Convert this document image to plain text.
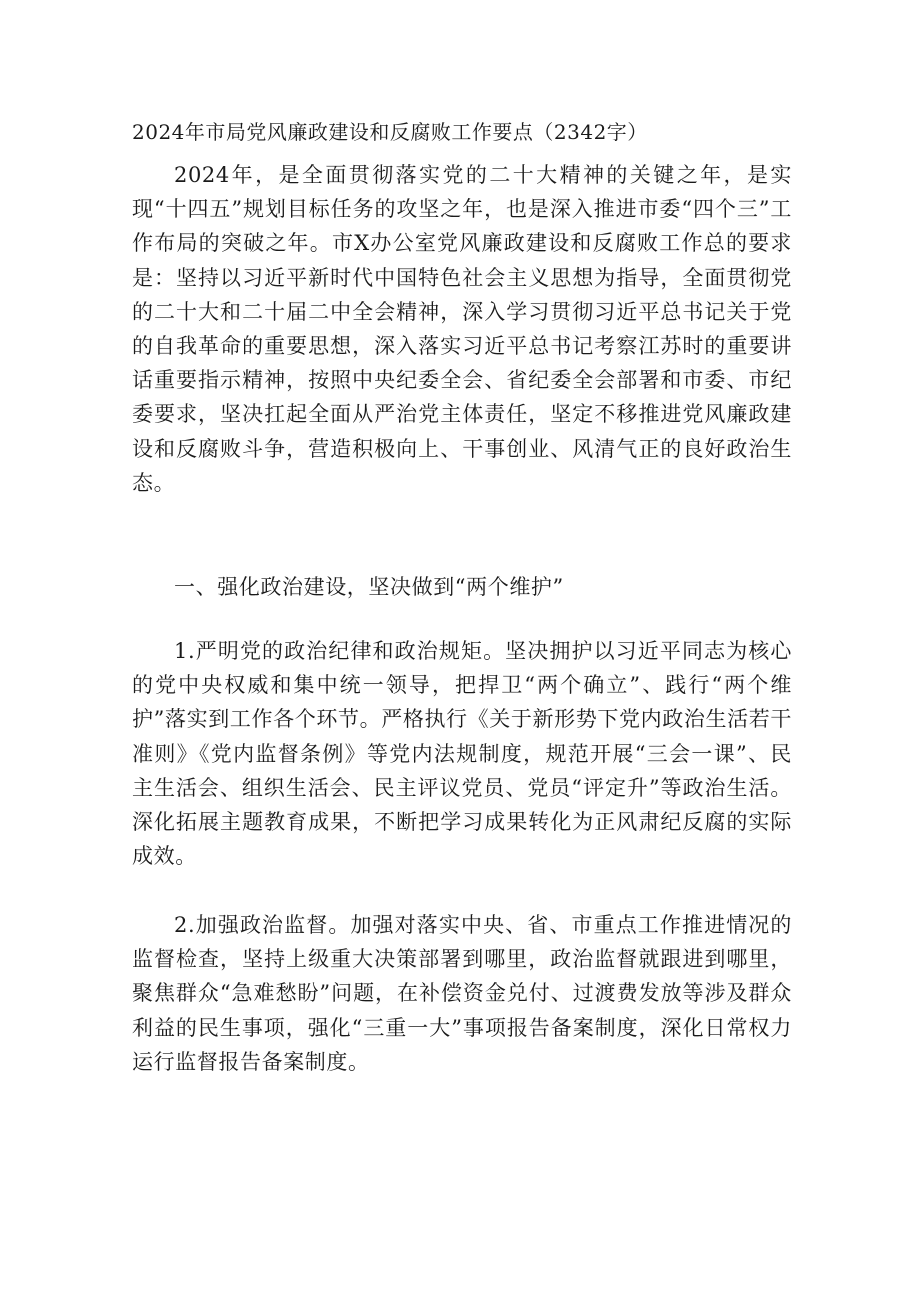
2024年市局党风廉政建设和反腐败工作要点（2342字）

2024年，是全面贯彻落实党的二十大精神的关键之年，是实现“十四五”规划目标任务的攻坚之年，也是深入推进市委“四个三”工作布局的突破之年。市X办公室党风廉政建设和反腐败工作总的要求是：坚持以习近平新时代中国特色社会主义思想为指导，全面贯彻党的二十大和二十届二中全会精神，深入学习贯彻习近平总书记关于党的自我革命的重要思想，深入落实习近平总书记考察江苏时的重要讲话重要指示精神，按照中央纪委全会、省纪委全会部署和市委、市纪委要求，坚决扛起全面从严治党主体责任，坚定不移推进党风廉政建设和反腐败斗争，营造积极向上、干事创业、风清气正的良好政治生态。

一、强化政治建设，坚决做到“两个维护”

1.严明党的政治纪律和政治规矩。坚决拥护以习近平同志为核心的党中央权威和集中统一领导，把捍卫“两个确立”、践行“两个维护”落实到工作各个环节。严格执行《关于新形势下党内政治生活若干准则》《党内监督条例》等党内法规制度，规范开展“三会一课”、民主生活会、组织生活会、民主评议党员、党员“评定升”等政治生活。深化拓展主题教育成果，不断把学习成果转化为正风肃纪反腐的实际成效。

2.加强政治监督。加强对落实中央、省、市重点工作推进情况的监督检查，坚持上级重大决策部署到哪里，政治监督就跟进到哪里，聚焦群众“急难愁盼”问题，在补偿资金兑付、过渡费发放等涉及群众利益的民生事项，强化“三重一大”事项报告备案制度，深化日常权力运行监督报告备案制度。
